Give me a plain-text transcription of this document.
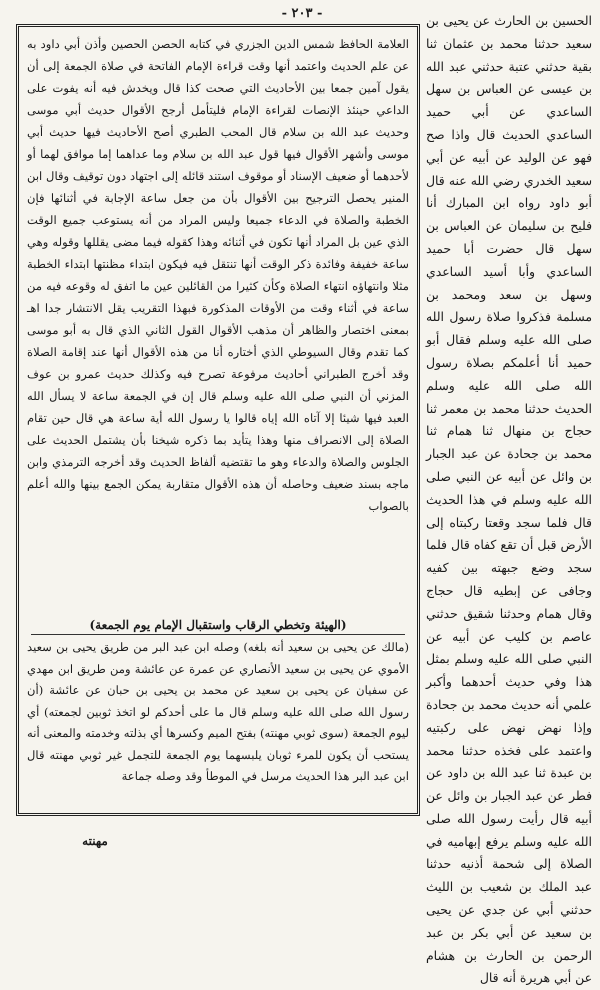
- ٢٠٣ -

العلامة الحافظ شمس الدين الجزري في كتابه الحصن الحصين وأذن أبي داود به عن علم الحديث واعتمد أنها وقت قراءة الإمام الفاتحة في صلاة الجمعة إلى أن يقول آمين جمعا بين الأحاديث التي صحت كذا قال ويخدش فيه أنه يفوت على الداعي حينئذ الإنصات لقراءة الإمام فليتأمل أرجح الأقوال حديث أبي موسى وحديث عبد الله بن سلام قال المحب الطبري أصح الأحاديث فيها حديث أبي موسى وأشهر الأقوال فيها قول عبد الله بن سلام وما عداهما إما موافق لهما أو لأحدهما أو ضعيف الإسناد أو موقوف استند قائله إلى اجتهاد دون توقيف وقال ابن المنير يحصل الترجيح بين الأقوال بأن من جعل ساعة الإجابة في أثنائها فإن الخطبة والصلاة في الدعاء جميعا وليس المراد من أنه يستوعب جميع الوقت الذي عين بل المراد أنها تكون في أثنائه وهذا كقوله فيما مضى يقللها وقوله وهي ساعة خفيفة وفائدة ذكر الوقت أنها تنتقل فيه فيكون ابتداء مظنتها ابتداء الخطبة مثلا وانتهاؤه انتهاء الصلاة وكأن كثيرا من القائلين عين ما اتفق له وقوعه فيه من ساعة في أثناء وقت من الأوقات المذكورة فبهذا التقريب يقل الانتشار جدا اهـ بمعنى اختصار والظاهر أن مذهب الأقوال القول الثاني الذي قال به أبو موسى كما تقدم وقال السيوطي الذي أختاره أنا من هذه الأقوال أنها عند إقامة الصلاة وقد أخرج الطبراني أحاديث مرفوعة تصرح فيه وكذلك حديث عمرو بن عوف المزني أن النبي صلى الله عليه وسلم قال إن في الجمعة ساعة لا يسأل الله العبد فيها شيئا إلا آتاه الله إياه قالوا يا رسول الله أية ساعة هي قال حين تقام الصلاة إلى الانصراف منها وهذا يتأيد بما ذكره شيخنا بأن يشتمل الحديث على الجلوس والصلاة والدعاء وهو ما تقتضيه ألفاظ الحديث وقد أخرجه الترمذي وابن ماجه بسند ضعيف وحاصله أن هذه الأقوال متقاربة يمكن الجمع بينها والله أعلم بالصواب

(الهيئة وتخطي الرقاب واستقبال الإمام يوم الجمعة)

(مالك عن يحيى بن سعيد أنه بلغه) وصله ابن عبد البر من طريق يحيى بن سعيد الأموي عن يحيى بن سعيد الأنصاري عن عمرة عن عائشة ومن طريق ابن مهدي عن سفيان عن يحيى بن سعيد عن محمد بن يحيى بن حبان عن عائشة (أن رسول الله صلى الله عليه وسلم قال ما على أحدكم لو اتخذ ثوبين لجمعته) أي ليوم الجمعة (سوى ثوبي مهنته) بفتح الميم وكسرها أي بذلته وخدمته والمعنى أنه يستحب أن يكون للمرء ثوبان يلبسهما يوم الجمعة للتجمل غير ثوبي مهنته قال ابن عبد البر هذا الحديث مرسل في الموطأ وقد وصله جماعة

الحسين بن الحارث عن يحيى بن سعيد حدثنا محمد بن عثمان ثنا بقية حدثني عتبة حدثني عبد الله بن عيسى عن العباس بن سهل الساعدي عن أبي حميد الساعدي الحديث قال واذا صح فهو عن الوليد عن أبيه عن أبي سعيد الخدري رضي الله عنه قال أبو داود رواه ابن المبارك أنا فليح بن سليمان عن العباس بن سهل قال حضرت أبا حميد الساعدي وأبا أسيد الساعدي وسهل بن سعد ومحمد بن مسلمة فذكروا صلاة رسول الله صلى الله عليه وسلم فقال أبو حميد أنا أعلمكم بصلاة رسول الله صلى الله عليه وسلم الحديث حدثنا محمد بن معمر ثنا حجاج بن منهال ثنا همام ثنا محمد بن جحادة عن عبد الجبار بن وائل عن أبيه عن النبي صلى الله عليه وسلم في هذا الحديث قال فلما سجد وقعتا ركبتاه إلى الأرض قبل أن تقع كفاه قال فلما سجد وضع جبهته بين كفيه وجافى عن إبطيه قال حجاج وقال همام وحدثنا شقيق حدثني عاصم بن كليب عن أبيه عن النبي صلى الله عليه وسلم بمثل هذا وفي حديث أحدهما وأكبر علمي أنه حديث محمد بن جحادة وإذا نهض نهض على ركبتيه واعتمد على فخذه حدثنا محمد بن عبدة ثنا عبد الله بن داود عن فطر عن عبد الجبار بن وائل عن أبيه قال رأيت رسول الله صلى الله عليه وسلم يرفع إبهاميه في الصلاة إلى شحمة أذنيه حدثنا عبد الملك بن شعيب بن الليث حدثني أبي عن جدي عن يحيى بن سعيد عن أبي بكر بن عبد الرحمن بن الحارث بن هشام عن أبي هريرة أنه قال

مهنته
